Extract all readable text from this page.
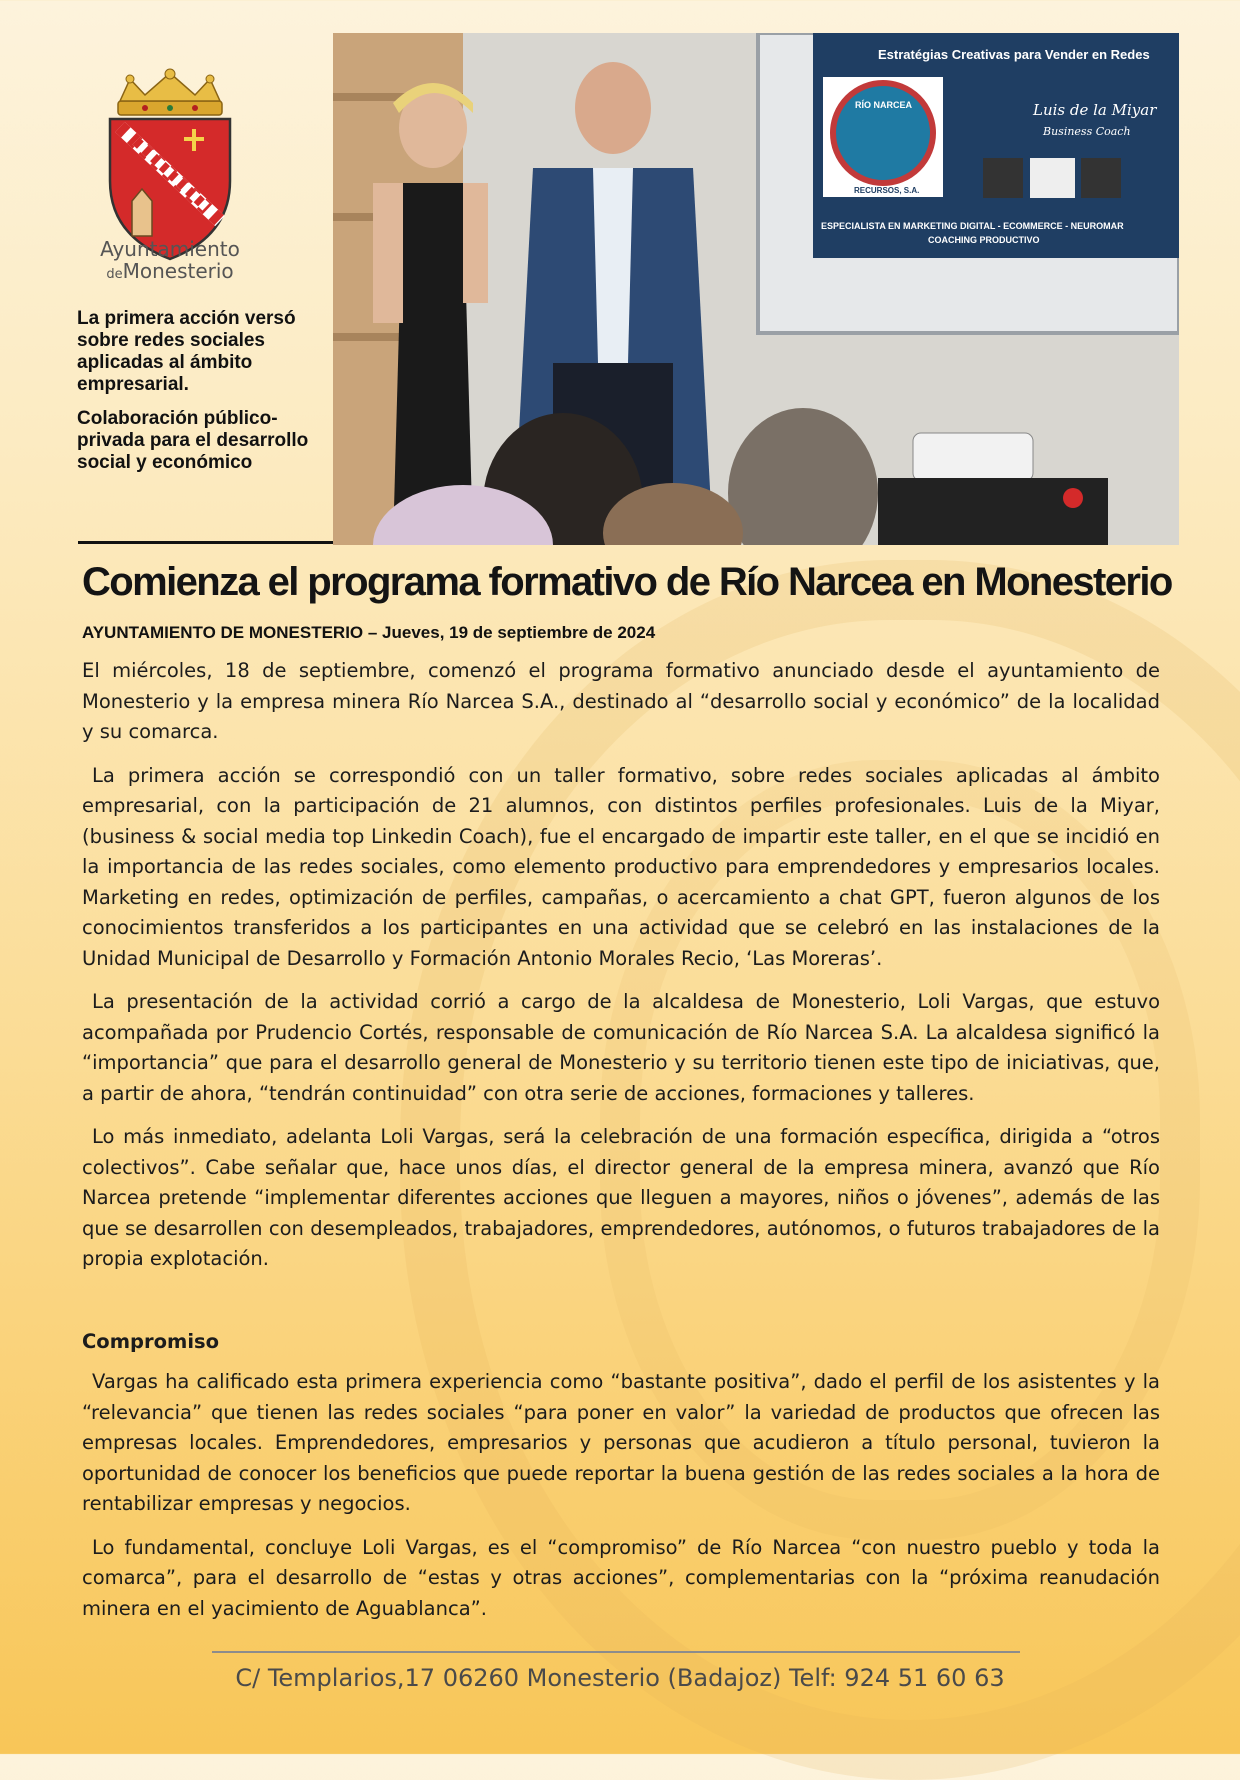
Ayuntamiento
deMonesterio

La primera acción versó sobre redes sociales aplicadas al ámbito empresarial.

Colaboración público-privada para el desarrollo social y económico

Estratégias Creativas para Vender en Redes
RÍO NARCEA
RECURSOS, S.A.
Luis de la Miyar
Business Coach
ESPECIALISTA EN MARKETING DIGITAL - ECOMMERCE - NEUROMAR
COACHING PRODUCTIVO
Comienza el programa formativo de Río Narcea en Monesterio
AYUNTAMIENTO DE MONESTERIO – Jueves, 19 de septiembre de 2024

El miércoles, 18 de septiembre, comenzó el programa formativo anunciado desde el ayuntamiento de Monesterio y la empresa minera Río Narcea S.A., destinado al “desarrollo social y económico” de la localidad y su comarca.

La primera acción se correspondió con un taller formativo, sobre redes sociales aplicadas al ámbito empresarial, con la participación de 21 alumnos, con distintos perfiles profesionales. Luis de la Miyar, (business & social media top Linkedin Coach), fue el encargado de impartir este taller, en el que se incidió en la importancia de las redes sociales, como elemento productivo para emprendedores y empresarios locales. Marketing en redes, optimización de perfiles, campañas, o acercamiento a chat GPT, fueron algunos de los conocimientos transferidos a los participantes en una actividad que se celebró en las instalaciones de la Unidad Municipal de Desarrollo y Formación Antonio Morales Recio, ‘Las Moreras’.

La presentación de la actividad corrió a cargo de la alcaldesa de Monesterio, Loli Vargas, que estuvo acompañada por Prudencio Cortés, responsable de comunicación de Río Narcea S.A. La alcaldesa significó la “importancia” que para el desarrollo general de Monesterio y su territorio tienen este tipo de iniciativas, que, a partir de ahora, “tendrán continuidad” con otra serie de acciones, formaciones y talleres.

Lo más inmediato, adelanta Loli Vargas, será la celebración de una formación específica, dirigida a “otros colectivos”. Cabe señalar que, hace unos días, el director general de la empresa minera, avanzó que Río Narcea pretende “implementar diferentes acciones que lleguen a mayores, niños o jóvenes”, además de las que se desarrollen con desempleados, trabajadores, emprendedores, autónomos, o futuros trabajadores de la propia explotación.

Compromiso

Vargas ha calificado esta primera experiencia como “bastante positiva”, dado el perfil de los asistentes y la “relevancia” que tienen las redes sociales “para poner en valor” la variedad de productos que ofrecen las empresas locales. Emprendedores, empresarios y personas que acudieron a título personal, tuvieron la oportunidad de conocer los beneficios que puede reportar la buena gestión de las redes sociales a la hora de rentabilizar empresas y negocios.

Lo fundamental, concluye Loli Vargas, es el “compromiso” de Río Narcea “con nuestro pueblo y toda la comarca”, para el desarrollo de “estas y otras acciones”, complementarias con la “próxima reanudación minera en el yacimiento de Aguablanca”.

C/ Templarios,17 06260 Monesterio (Badajoz) Telf: 924 51 60 63
